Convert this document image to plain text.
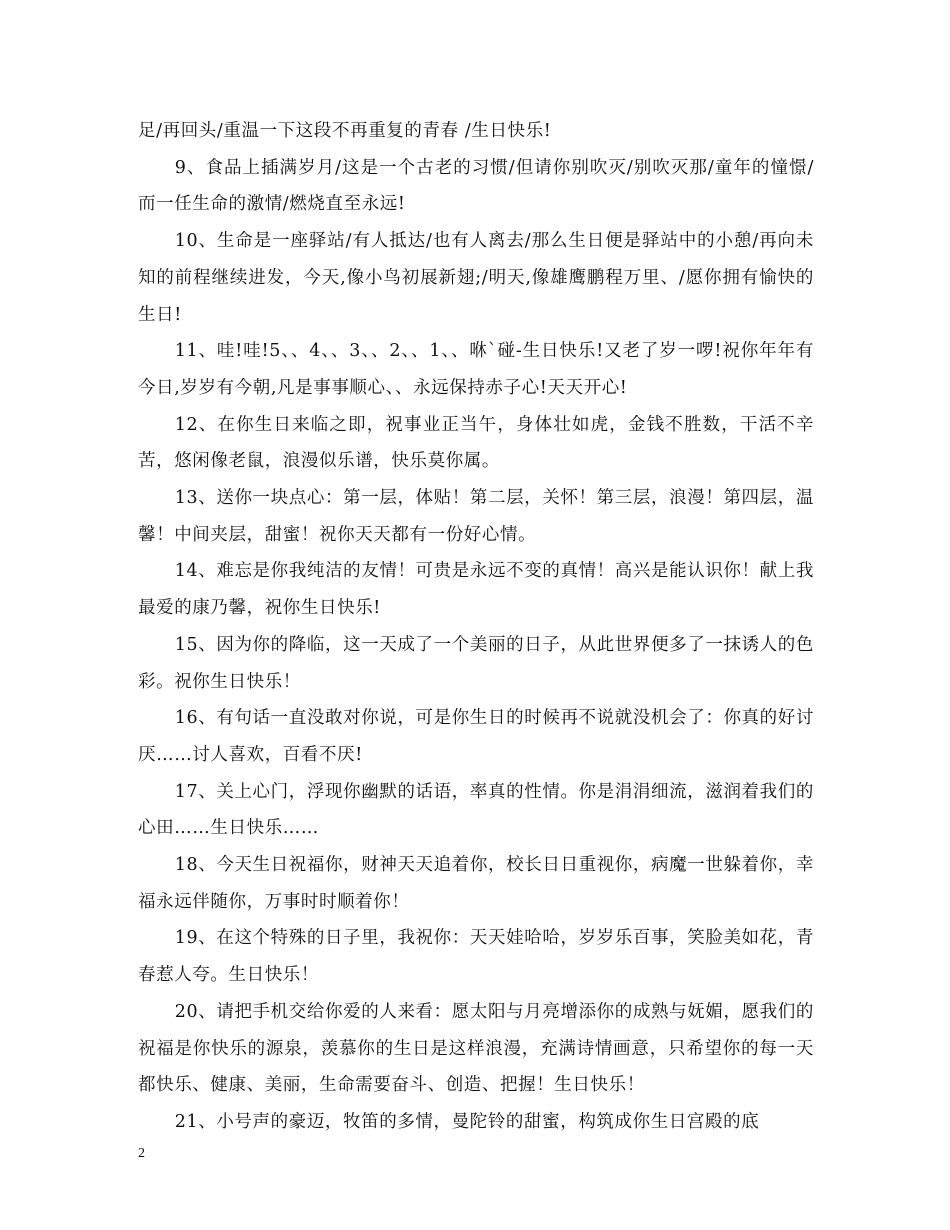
足/再回头/重温一下这段不再重复的青春 /生日快乐!

9、食品上插满岁月/这是一个古老的习惯/但请你别吹灭/别吹灭那/童年的憧憬/而一任生命的激情/燃烧直至永远!

10、生命是一座驿站/有人抵达/也有人离去/那么生日便是驿站中的小憩/再向未知的前程继续进发，今天,像小鸟初展新翅;/明天,像雄鹰鹏程万里、/愿你拥有愉快的生日!

11、哇!哇!5、、4、、3、、2、、1、、咻`碰-生日快乐!又老了岁一啰!祝你年年有今日,岁岁有今朝,凡是事事顺心、、永远保持赤子心!天天开心!

12、在你生日来临之即，祝事业正当午，身体壮如虎，金钱不胜数，干活不辛苦，悠闲像老鼠，浪漫似乐谱，快乐莫你属。

13、送你一块点心：第一层，体贴！第二层，关怀！第三层，浪漫！第四层，温馨！中间夹层，甜蜜！祝你天天都有一份好心情。

14、难忘是你我纯洁的友情！可贵是永远不变的真情！高兴是能认识你！献上我最爱的康乃馨，祝你生日快乐!

15、因为你的降临，这一天成了一个美丽的日子，从此世界便多了一抹诱人的色彩。祝你生日快乐！

16、有句话一直没敢对你说，可是你生日的时候再不说就没机会了：你真的好讨厌……讨人喜欢，百看不厌!

17、关上心门，浮现你幽默的话语，率真的性情。你是涓涓细流，滋润着我们的心田……生日快乐……

18、今天生日祝福你，财神天天追着你，校长日日重视你，病魔一世躲着你，幸福永远伴随你，万事时时顺着你！

19、在这个特殊的日子里，我祝你：天天娃哈哈，岁岁乐百事，笑脸美如花，青春惹人夸。生日快乐！

20、请把手机交给你爱的人来看：愿太阳与月亮增添你的成熟与妩媚，愿我们的祝福是你快乐的源泉，羡慕你的生日是这样浪漫，充满诗情画意，只希望你的每一天都快乐、健康、美丽，生命需要奋斗、创造、把握！生日快乐！

21、小号声的豪迈，牧笛的多情，曼陀铃的甜蜜，构筑成你生日宫殿的底

2
